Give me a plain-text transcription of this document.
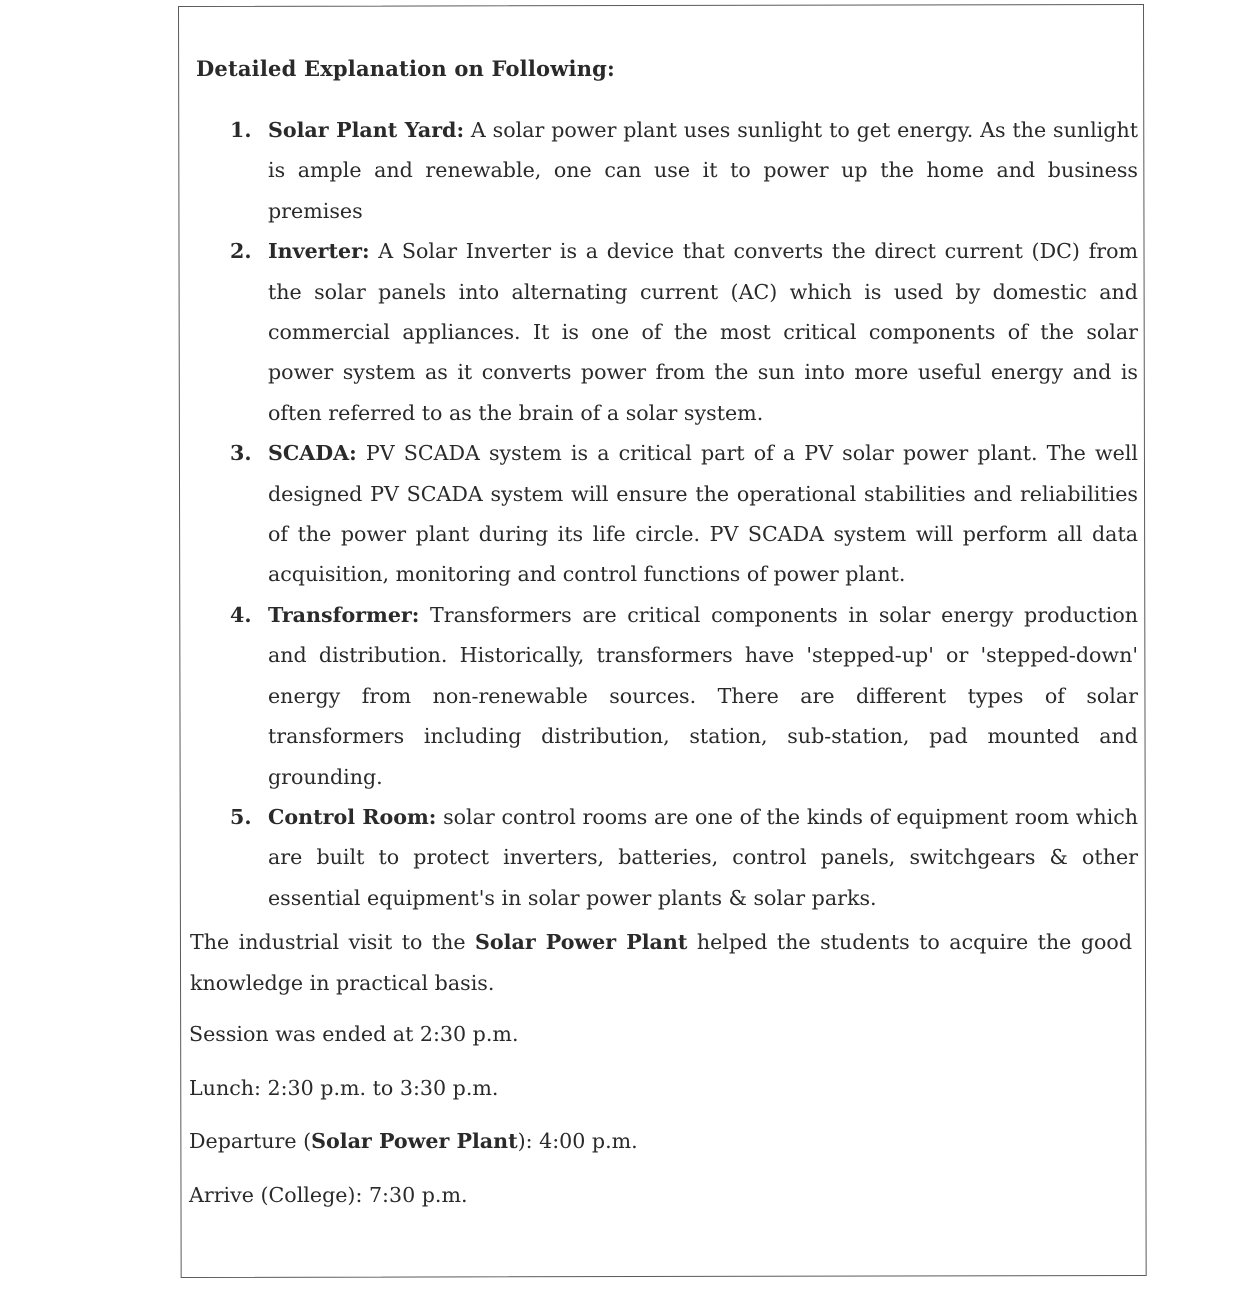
Detailed Explanation on Following:
1. Solar Plant Yard: A solar power plant uses sunlight to get energy. As the sunlight is ample and renewable, one can use it to power up the home and business premises
2. Inverter: A Solar Inverter is a device that converts the direct current (DC) from the solar panels into alternating current (AC) which is used by domestic and commercial appliances. It is one of the most critical components of the solar power system as it converts power from the sun into more useful energy and is often referred to as the brain of a solar system.
3. SCADA: PV SCADA system is a critical part of a PV solar power plant. The well designed PV SCADA system will ensure the operational stabilities and reliabilities of the power plant during its life circle. PV SCADA system will perform all data acquisition, monitoring and control functions of power plant.
4. Transformer: Transformers are critical components in solar energy production and distribution. Historically, transformers have 'stepped-up' or 'stepped-down' energy from non-renewable sources. There are different types of solar transformers including distribution, station, sub-station, pad mounted and grounding.
5. Control Room: solar control rooms are one of the kinds of equipment room which are built to protect inverters, batteries, control panels, switchgears & other essential equipment's in solar power plants & solar parks.

The industrial visit to the Solar Power Plant helped the students to acquire the good knowledge in practical basis.

Session was ended at 2:30 p.m.

Lunch: 2:30 p.m. to 3:30 p.m.

Departure (Solar Power Plant): 4:00 p.m.

Arrive (College): 7:30 p.m.
